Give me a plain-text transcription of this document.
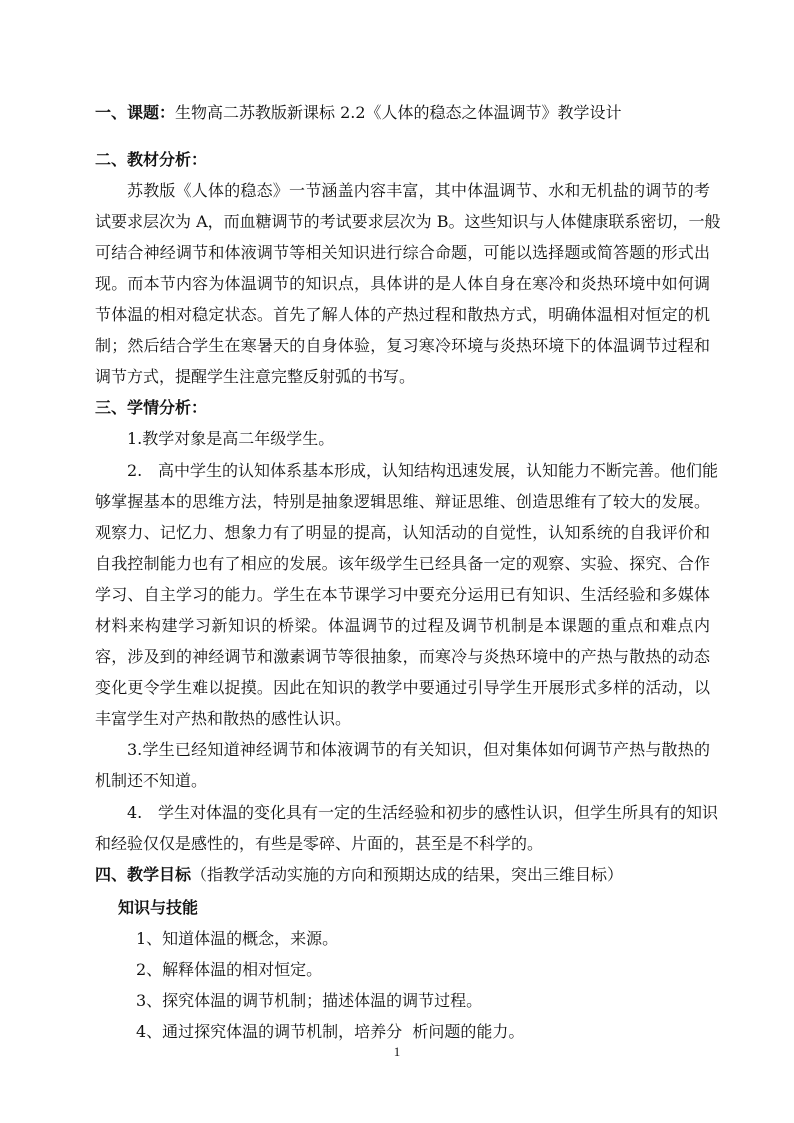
一、课题：生物高二苏教版新课标 2.2《人体的稳态之体温调节》教学设计
二、教材分析：
苏教版《人体的稳态》一节涵盖内容丰富，其中体温调节、水和无机盐的调节的考
试要求层次为 A，而血糖调节的考试要求层次为 B。这些知识与人体健康联系密切，一般
可结合神经调节和体液调节等相关知识进行综合命题，可能以选择题或简答题的形式出
现。而本节内容为体温调节的知识点，具体讲的是人体自身在寒冷和炎热环境中如何调
节体温的相对稳定状态。首先了解人体的产热过程和散热方式，明确体温相对恒定的机
制；然后结合学生在寒暑天的自身体验，复习寒冷环境与炎热环境下的体温调节过程和
调节方式，提醒学生注意完整反射弧的书写。
三、学情分析：
1.教学对象是高二年级学生。
2. 高中学生的认知体系基本形成，认知结构迅速发展，认知能力不断完善。他们能
够掌握基本的思维方法，特别是抽象逻辑思维、辩证思维、创造思维有了较大的发展。
观察力、记忆力、想象力有了明显的提高，认知活动的自觉性，认知系统的自我评价和
自我控制能力也有了相应的发展。该年级学生已经具备一定的观察、实验、探究、合作
学习、自主学习的能力。学生在本节课学习中要充分运用已有知识、生活经验和多媒体
材料来构建学习新知识的桥梁。体温调节的过程及调节机制是本课题的重点和难点内
容，涉及到的神经调节和激素调节等很抽象，而寒冷与炎热环境中的产热与散热的动态
变化更令学生难以捉摸。因此在知识的教学中要通过引导学生开展形式多样的活动，以
丰富学生对产热和散热的感性认识。
3.学生已经知道神经调节和体液调节的有关知识，但对集体如何调节产热与散热的
机制还不知道。
4. 学生对体温的变化具有一定的生活经验和初步的感性认识，但学生所具有的知识
和经验仅仅是感性的，有些是零碎、片面的，甚至是不科学的。
四、教学目标（指教学活动实施的方向和预期达成的结果，突出三维目标）
知识与技能
1、知道体温的概念，来源。
2、解释体温的相对恒定。
3、探究体温的调节机制；描述体温的调节过程。
4、通过探究体温的调节机制，培养分  析问题的能力。
1
